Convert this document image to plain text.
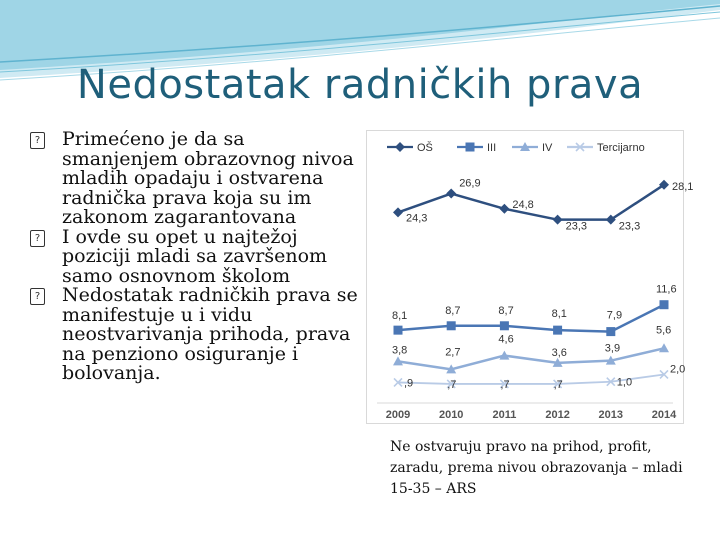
Nedostatak radničkih prava

? Primećeno je da sa smanjenjem obrazovnog nivoa mladih opadaju i ostvarena radnička prava koja su im zakonom zagarantovana

? I ovde su opet u najtežoj poziciji mladi sa završenom samo osnovnom školom

? Nedostatak radničkih prava se manifestuje u i vidu neostvarivanja prihoda, prava na penziono osiguranje i bolovanja.

OŠ	III	IV	Tercijarno
24,3
26,9
24,8
23,3	23,3
28,1
8,1	8,7	8,7	8,1	7,9
11,6
3,8	2,7
4,6
3,6	3,9
5,6
,9	,7	,7	,7	1,0
2,0
2009	2010	2011	2012	2013	2014
Ne ostvaruju pravo na prihod, profit, zaradu, prema nivou obrazovanja – mladi 15-35 – ARS
